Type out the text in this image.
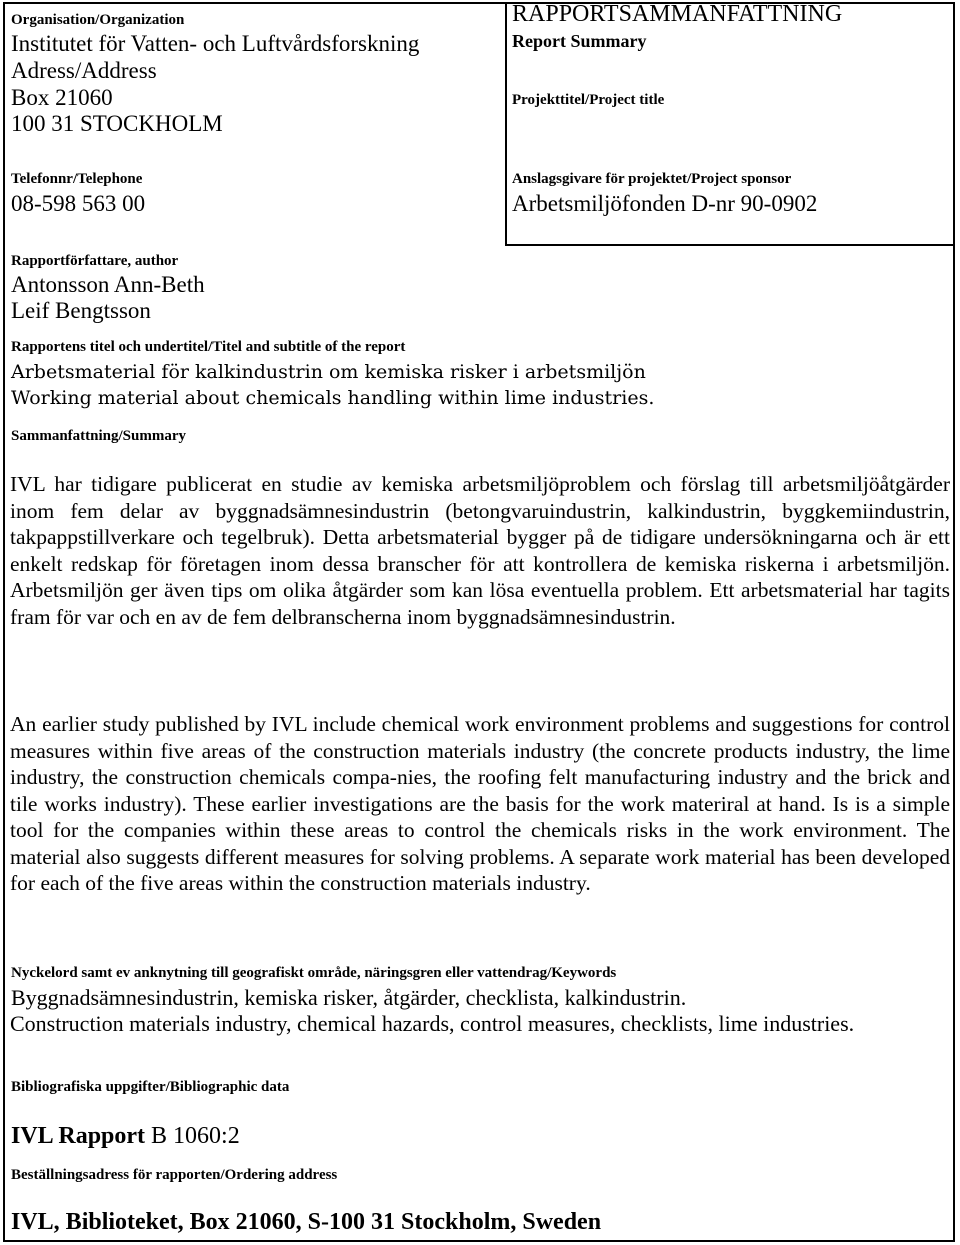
Organisation/Organization
Institutet för Vatten- och Luftvårdsforskning
Adress/Address
Box 21060
100 31 STOCKHOLM
Telefonnr/Telephone
08-598 563 00
RAPPORTSAMMANFATTNING
Report Summary
Projekttitel/Project title
Anslagsgivare för projektet/Project sponsor
Arbetsmiljöfonden D-nr 90-0902
Rapportförfattare, author
Antonsson Ann-Beth
Leif Bengtsson
Rapportens titel och undertitel/Titel and subtitle of the report
Arbetsmaterial för kalkindustrin om kemiska risker i arbetsmiljön
Working material about chemicals handling within lime industries.
Sammanfattning/Summary
IVL har tidigare publicerat en studie av kemiska arbetsmiljöproblem och förslag till arbetsmiljöåtgärder inom fem delar av byggnadsämnesindustrin (betongvaruindustrin, kalkindustrin, byggkemiindustrin, takpappstillverkare och tegelbruk). Detta arbetsmaterial bygger på de tidigare undersökningarna och är ett enkelt redskap för företagen inom dessa branscher för att kontrollera de kemiska riskerna i arbetsmiljön. Arbetsmiljön ger även tips om olika åtgärder som kan lösa eventuella problem. Ett arbetsmaterial har tagits fram för var och en av de fem delbranscherna inom byggnadsämnesindustrin.
An earlier study published by IVL include chemical work environment problems and suggestions for control measures within five areas of the construction materials industry (the concrete products industry, the lime industry, the construction chemicals compa-nies, the roofing felt manufacturing industry and the brick and tile works industry). These earlier investigations are the basis for the work materiral at hand. Is is a simple tool for the companies within these areas to control the chemicals risks in the work environment. The material also suggests different measures for solving problems. A separate work material has been developed for each of the five areas within the construction materials industry.
Nyckelord samt ev anknytning till geografiskt område, näringsgren eller vattendrag/Keywords
Byggnadsämnesindustrin, kemiska risker, åtgärder, checklista, kalkindustrin.
Construction materials industry, chemical hazards, control measures, checklists, lime industries.
Bibliografiska uppgifter/Bibliographic data
IVL Rapport B 1060:2
Beställningsadress för rapporten/Ordering address
IVL, Biblioteket, Box 21060, S-100 31 Stockholm, Sweden
